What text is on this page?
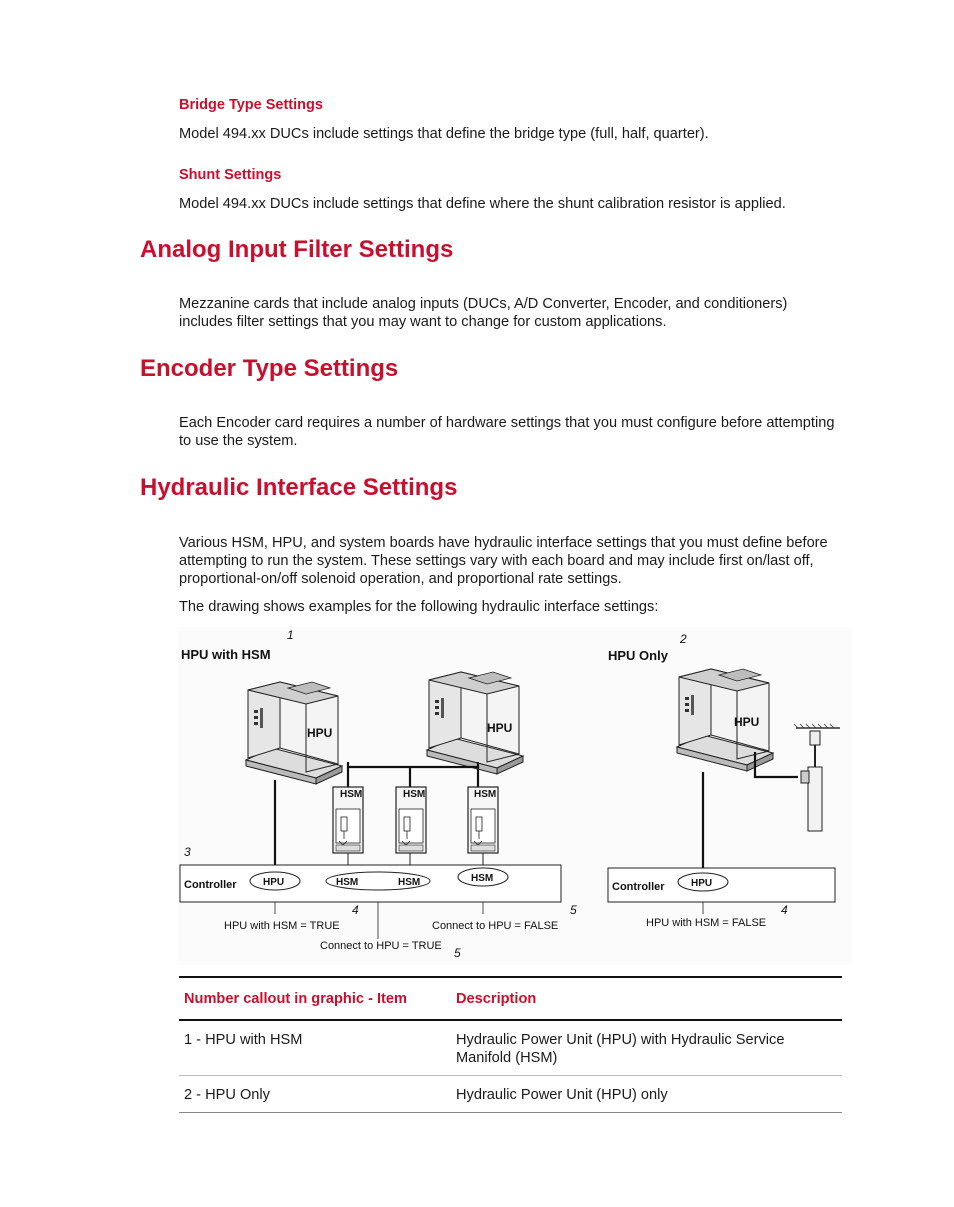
Bridge Type Settings

Model 494.xx DUCs include settings that define the bridge type (full, half, quarter).

Shunt Settings

Model 494.xx DUCs include settings that define where the shunt calibration resistor is applied.

Analog Input Filter Settings

Mezzanine cards that include analog inputs (DUCs, A/D Converter, Encoder, and conditioners) includes filter settings that you may want to change for custom applications.

Encoder Type Settings

Each Encoder card requires a number of hardware settings that you must configure before attempting to use the system.

Hydraulic Interface Settings

Various HSM, HPU, and system boards have hydraulic interface settings that you must define before attempting to run the system. These settings vary with each board and may include first on/last off, proportional-on/off solenoid operation, and proportional rate settings.

The drawing shows examples for the following hydraulic interface settings:

HPU with HSM
1
HPU Only
2
HPU	HPU	HPU
HSM	HSM	HSM
3
Controller	HPU	HSM	HSM	HSM
HPU with HSM = TRUE
4
Connect to HPU = FALSE
5
Connect to HPU = TRUE 5
Controller	HPU
HPU with HSM = FALSE
4
Number callout in graphic - Item	Description
1 - HPU with HSM	Hydraulic Power Unit (HPU) with Hydraulic Service Manifold (HSM)
2 - HPU Only	Hydraulic Power Unit (HPU) only
